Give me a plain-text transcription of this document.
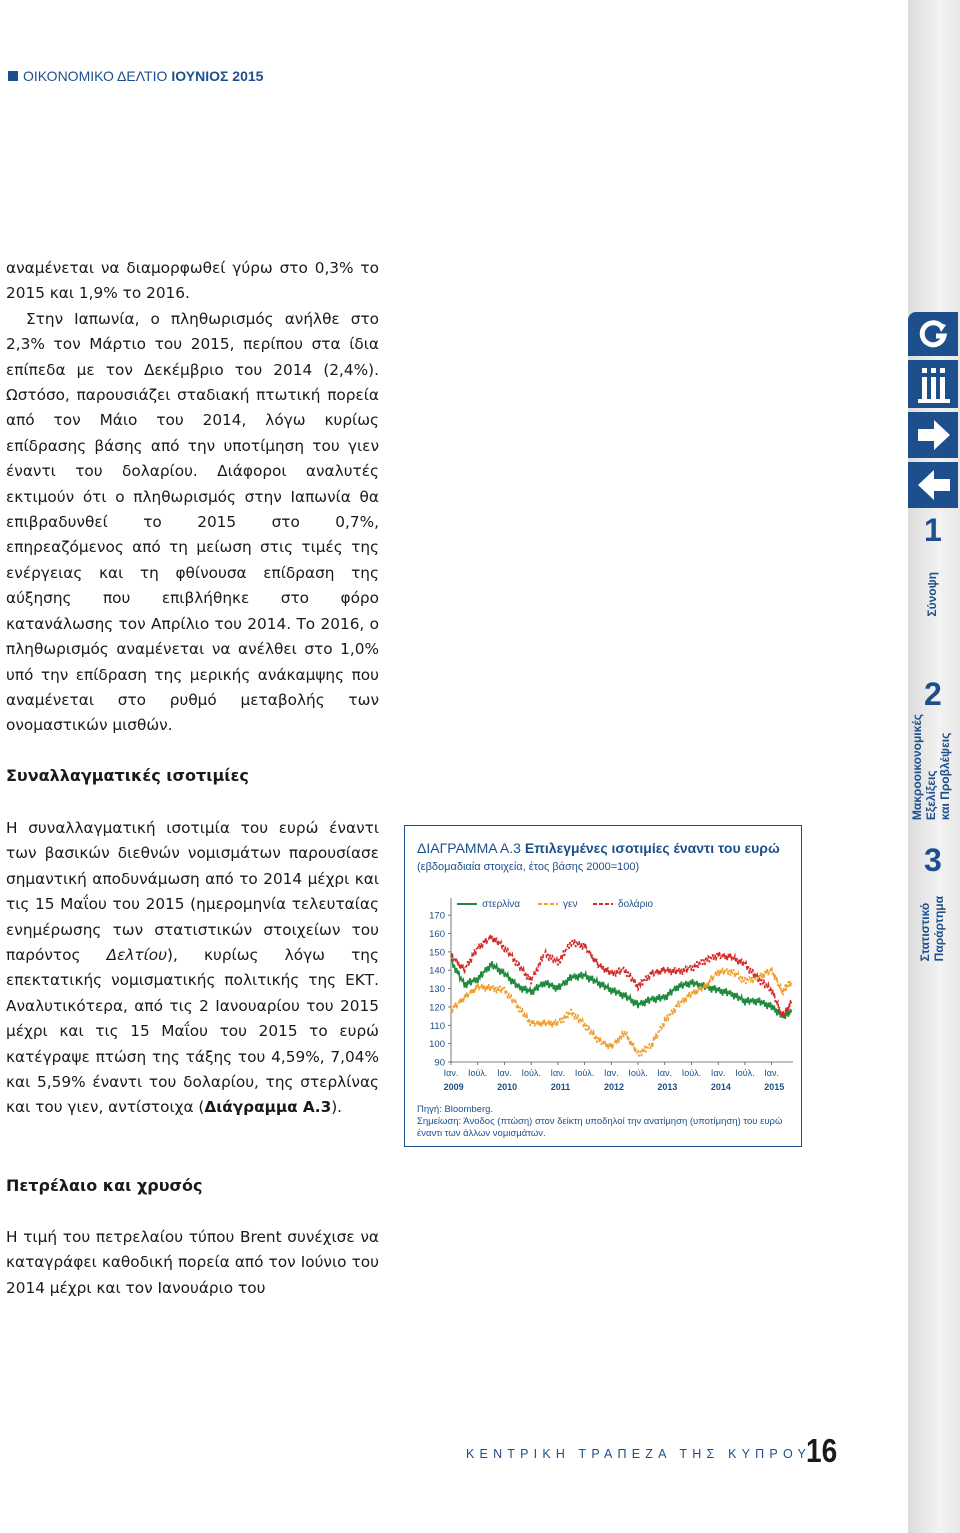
ΟΙΚΟΝΟΜΙΚΟ ΔΕΛΤΙΟ ΙΟΥΝΙΟΣ 2015

αναμένεται να διαμορφωθεί γύρω στο 0,3% το 2015 και 1,9% το 2016.

Στην Ιαπωνία, ο πληθωρισμός ανήλθε στο 2,3% τον Μάρτιο του 2015, περίπου στα ίδια επίπεδα με τον Δεκέμβριο του 2014 (2,4%). Ωστόσο, παρουσιάζει σταδιακή πτωτική πορεία από τον Μάιο του 2014, λόγω κυρίως επίδρασης βάσης από την υποτίμηση του γιεν έναντι του δολαρίου. Διάφοροι αναλυτές εκτιμούν ότι ο πληθωρισμός στην Ιαπωνία θα επιβραδυνθεί το 2015 στο 0,7%, επηρεαζόμενος από τη μείωση στις τιμές της ενέργειας και τη φθίνουσα επίδραση της αύξησης που επιβλήθηκε στο φόρο κατανάλωσης τον Απρίλιο του 2014. Το 2016, ο πληθωρισμός αναμένεται να ανέλθει στο 1,0% υπό την επίδραση της μερικής ανάκαμψης που αναμένεται στο ρυθμό μεταβολής των ονομαστικών μισθών.

Συναλλαγματικές ισοτιμίες

Η συναλλαγματική ισοτιμία του ευρώ έναντι των βασικών διεθνών νομισμάτων παρουσίασε σημαντική αποδυνάμωση από το 2014 μέχρι και τις 15 Μαΐου του 2015 (ημερομηνία τελευταίας ενημέρωσης των στατιστικών στοιχείων του παρόντος Δελτίου), κυρίως λόγω της επεκτατικής νομισματικής πολιτικής της ΕΚΤ. Αναλυτικότερα, από τις 2 Ιανουαρίου του 2015 μέχρι και τις 15 Μαΐου του 2015 το ευρώ κατέγραψε πτώση της τάξης του 4,59%, 7,04% και 5,59% έναντι του δολαρίου, της στερλίνας και του γιεν, αντίστοιχα (Διάγραμμα Α.3).

Πετρέλαιο και χρυσός

Η τιμή του πετρελαίου τύπου Brent συνέχισε να καταγράφει καθοδική πορεία από τον Ιούνιο του 2014 μέχρι και τον Ιανουάριο του

ΔΙΑΓΡΑΜΜΑ Α.3 Επιλεγμένες ισοτιμίες έναντι του ευρώ
(εβδομαδιαία στοιχεία, έτος βάσης 2000=100)
90
100
110
120
130
140
150
160
170
Ιαν. Ιούλ. Ιαν. Ιούλ. Ιαν. Ιούλ. Ιαν. Ιούλ. Ιαν. Ιούλ. Ιαν. Ιούλ. Ιαν.
2009	2010	2011	2012	2013	2014	2015
στερλίνα	γεν	δολάριο
Πηγή: Bloomberg.
Σημείωση: Άνοδος (πτώση) στον δείκτη υποδηλοί την ανατίμηση (υποτίμηση) του ευρώ έναντι των άλλων νομισμάτων.
1
Σύνοψη
2
Μακροοικονομικές
Εξελίξεις
και Προβλέψεις
3
Στατιστικό
Παράρτημα
ΚΕΝΤΡΙΚΗ ΤΡΑΠΕΖΑ ΤΗΣ ΚΥΠΡΟΥ
16
